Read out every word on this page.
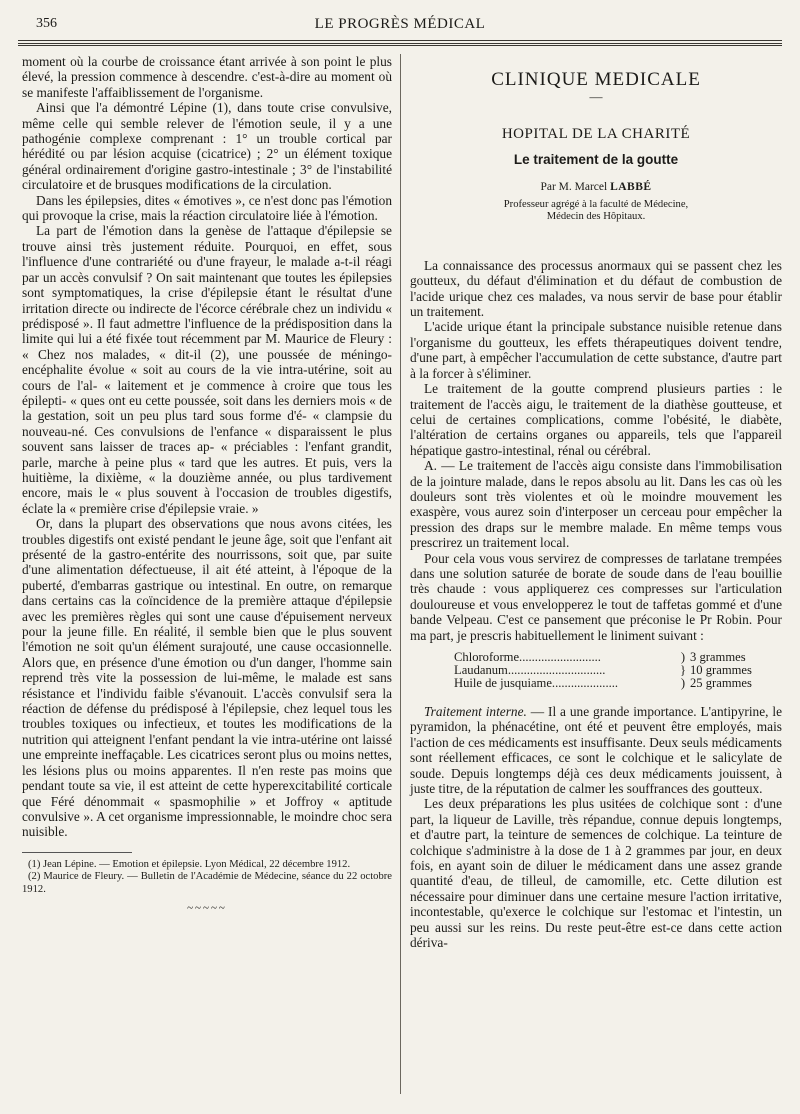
356	LE PROGRÈS MÉDICAL

moment où la courbe de croissance étant arrivée à son point le plus élevé, la pression commence à descendre. c'est-à-dire au moment où se manifeste l'affaiblissement de l'organisme.

Ainsi que l'a démontré Lépine (1), dans toute crise convulsive, même celle qui semble relever de l'émotion seule, il y a une pathogénie complexe comprenant : 1° un trouble cortical par hérédité ou par lésion acquise (cicatrice) ; 2° un élément toxique général ordinairement d'origine gastro-intestinale ; 3° de l'instabilité circulatoire et de brusques modifications de la circulation.

Dans les épilepsies, dites « émotives », ce n'est donc pas l'émotion qui provoque la crise, mais la réaction circulatoire liée à l'émotion.

La part de l'émotion dans la genèse de l'attaque d'épilepsie se trouve ainsi très justement réduite. Pourquoi, en effet, sous l'influence d'une contrariété ou d'une frayeur, le malade a-t-il réagi par un accès convulsif ? On sait maintenant que toutes les épilepsies sont symptomatiques, la crise d'épilepsie étant le résultat d'une irritation directe ou indirecte de l'écorce cérébrale chez un individu « prédisposé ». Il faut admettre l'influence de la prédisposition dans la limite qui lui a été fixée tout récemment par M. Maurice de Fleury : « Chez nos malades, « dit-il (2), une poussée de méningo-encéphalite évolue « soit au cours de la vie intra-utérine, soit au cours de l'al- « laitement et je commence à croire que tous les épilepti- « ques ont eu cette poussée, soit dans les derniers mois « de la gestation, soit un peu plus tard sous forme d'é- « clampsie du nouveau-né. Ces convulsions de l'enfance « disparaissent le plus souvent sans laisser de traces ap- « préciables : l'enfant grandit, parle, marche à peine plus « tard que les autres. Et puis, vers la huitième, la dixième, « la douzième année, ou plus tardivement encore, mais le « plus souvent à l'occasion de troubles digestifs, éclate la « première crise d'épilepsie vraie. »

Or, dans la plupart des observations que nous avons citées, les troubles digestifs ont existé pendant le jeune âge, soit que l'enfant ait présenté de la gastro-entérite des nourrissons, soit que, par suite d'une alimentation défectueuse, il ait été atteint, à l'époque de la puberté, d'embarras gastrique ou intestinal. En outre, on remarque dans certains cas la coïncidence de la première attaque d'épilepsie avec les premières règles qui sont une cause d'épuisement nerveux pour la jeune fille. En réalité, il semble bien que le plus souvent l'émotion ne soit qu'un élément surajouté, une cause occasionnelle. Alors que, en présence d'une émotion ou d'un danger, l'homme sain reprend très vite la possession de lui-même, le malade est sans résistance et l'individu faible s'évanouit. L'accès convulsif sera la réaction de défense du prédisposé à l'épilepsie, chez lequel tous les troubles toxiques ou infectieux, et toutes les modifications de la nutrition qui atteignent l'enfant pendant la vie intra-utérine ont laissé une empreinte ineffaçable. Les cicatrices seront plus ou moins nettes, les lésions plus ou moins apparentes. Il n'en reste pas moins que pendant toute sa vie, il est atteint de cette hyperexcitabilité corticale que Féré dénommait « spasmophilie » et Joffroy « aptitude convulsive ». A cet organisme impressionnable, le moindre choc sera nuisible.

(1) Jean Lépine. — Emotion et épilepsie. Lyon Médical, 22 décembre 1912.

(2) Maurice de Fleury. — Bulletin de l'Académie de Médecine, séance du 22 octobre 1912.

~~~~~
CLINIQUE MEDICALE
—
HOPITAL DE LA CHARITÉ
Le traitement de la goutte
Par M. Marcel LABBÉ
Professeur agrégé à la faculté de Médecine,
Médecin des Hôpitaux.

La connaissance des processus anormaux qui se passent chez les goutteux, du défaut d'élimination et du défaut de combustion de l'acide urique chez ces malades, va nous servir de base pour établir un traitement.

L'acide urique étant la principale substance nuisible retenue dans l'organisme du goutteux, les effets thérapeutiques doivent tendre, d'une part, à empêcher l'accumulation de cette substance, d'autre part à la forcer à s'éliminer.

Le traitement de la goutte comprend plusieurs parties : le traitement de l'accès aigu, le traitement de la diathèse goutteuse, et celui de certaines complications, comme l'obésité, le diabète, l'altération de certains organes ou appareils, tels que l'appareil hépatique gastro-intestinal, rénal ou cérébral.

A. — Le traitement de l'accès aigu consiste dans l'immobilisation de la jointure malade, dans le repos absolu au lit. Dans les cas où les douleurs sont très violentes et où le moindre mouvement les exaspère, vous aurez soin d'interposer un cerceau pour empêcher la pression des draps sur le membre malade. En même temps vous prescrirez un traitement local.

Pour cela vous vous servirez de compresses de tarlatane trempées dans une solution saturée de borate de soude dans de l'eau bouillie très chaude : vous appliquerez ces compresses sur l'articulation douloureuse et vous envelopperez le tout de taffetas gommé et d'une bande Velpeau. C'est ce pansement que préconise le Pr Robin. Pour ma part, je prescris habituellement le liniment suivant :

Chloroforme..........................	) 3 grammes
Laudanum...............................	} 10 grammes
Huile de jusquiame.....................	) 25 grammes

Traitement interne. — Il a une grande importance. L'antipyrine, le pyramidon, la phénacétine, ont été et peuvent être employés, mais l'action de ces médicaments est insuffisante. Deux seuls médicaments sont réellement efficaces, ce sont le colchique et le salicylate de soude. Depuis longtemps déjà ces deux médicaments jouissent, à juste titre, de la réputation de calmer les souffrances des goutteux.

Les deux préparations les plus usitées de colchique sont : d'une part, la liqueur de Laville, très répandue, connue depuis longtemps, et d'autre part, la teinture de semences de colchique. La teinture de colchique s'administre à la dose de 1 à 2 grammes par jour, en deux fois, en ayant soin de diluer le médicament dans une assez grande quantité d'eau, de tilleul, de camomille, etc. Cette dilution est nécessaire pour diminuer dans une certaine mesure l'action irritative, incontestable, qu'exerce le colchique sur l'estomac et l'intestin, un peu aussi sur les reins. Du reste peut-être est-ce dans cette action dériva-
